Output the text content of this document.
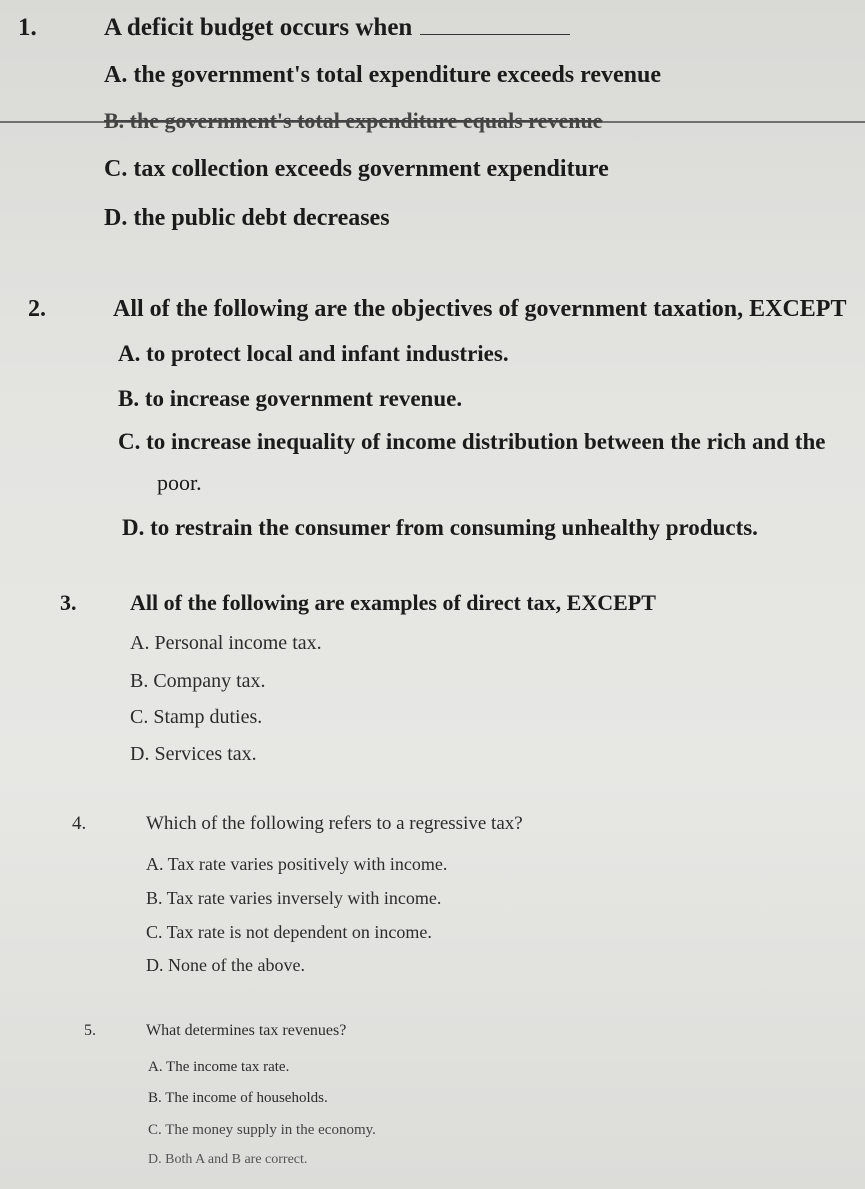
1.	A deficit budget occurs when
A. the government's total expenditure exceeds revenue
B. the government's total expenditure equals revenue
C. tax collection exceeds government expenditure
D. the public debt decreases
2.	All of the following are the objectives of government taxation, EXCEPT
A. to protect local and infant industries.
B. to increase government revenue.
C. to increase inequality of income distribution between the rich and the
poor.
D. to restrain the consumer from consuming unhealthy products.
3. All of the following are examples of direct tax, EXCEPT
A. Personal income tax.
B. Company tax.
C. Stamp duties.
D. Services tax.
4.	Which of the following refers to a regressive tax?
A. Tax rate varies positively with income.
B. Tax rate varies inversely with income.
C. Tax rate is not dependent on income.
D. None of the above.
5.	What determines tax revenues?
A. The income tax rate.
B. The income of households.
C. The money supply in the economy.
D. Both A and B are correct.
